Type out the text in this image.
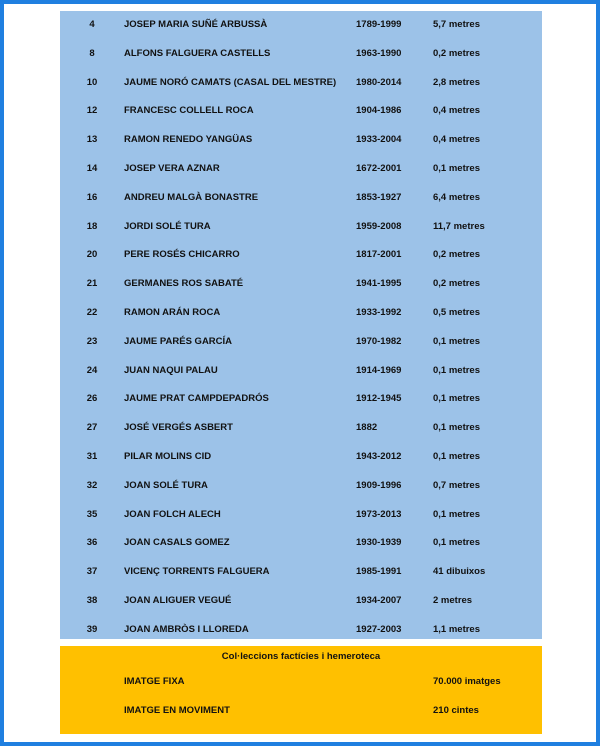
4	JOSEP MARIA SUÑÉ ARBUSSÀ	1789-1999	5,7 metres
8	ALFONS FALGUERA CASTELLS	1963-1990	0,2 metres
10	JAUME NORÓ CAMATS (CASAL DEL MESTRE) 1980-2014	2,8 metres
12	FRANCESC COLLELL ROCA	1904-1986	0,4 metres
13	RAMON RENEDO YANGÜAS	1933-2004	0,4 metres
14	JOSEP VERA AZNAR	1672-2001	0,1 metres
16	ANDREU MALGÀ BONASTRE	1853-1927	6,4 metres
18	JORDI SOLÉ TURA	1959-2008	11,7 metres
20	PERE ROSÉS CHICARRO	1817-2001	0,2 metres
21	GERMANES ROS SABATÉ	1941-1995	0,2 metres
22	RAMON ARÁN ROCA	1933-1992	0,5 metres
23	JAUME PARÉS GARCÍA	1970-1982	0,1 metres
24	JUAN NAQUI PALAU	1914-1969	0,1 metres
26	JAUME PRAT CAMPDEPADRÓS	1912-1945	0,1 metres
27	JOSÉ VERGÉS ASBERT	1882	0,1 metres
31	PILAR MOLINS CID	1943-2012	0,1 metres
32	JOAN SOLÉ TURA	1909-1996	0,7 metres
35	JOAN FOLCH ALECH	1973-2013	0,1 metres
36	JOAN CASALS GOMEZ	1930-1939	0,1 metres
37	VICENÇ TORRENTS FALGUERA	1985-1991	41 dibuixos
38	JOAN ALIGUER VEGUÉ	1934-2007	2 metres
39	JOAN AMBRÒS I LLOREDA	1927-2003	1,1 metres
Col·leccions factícies i hemeroteca
IMATGE FIXA	70.000 imatges
IMATGE EN MOVIMENT	210 cintes
